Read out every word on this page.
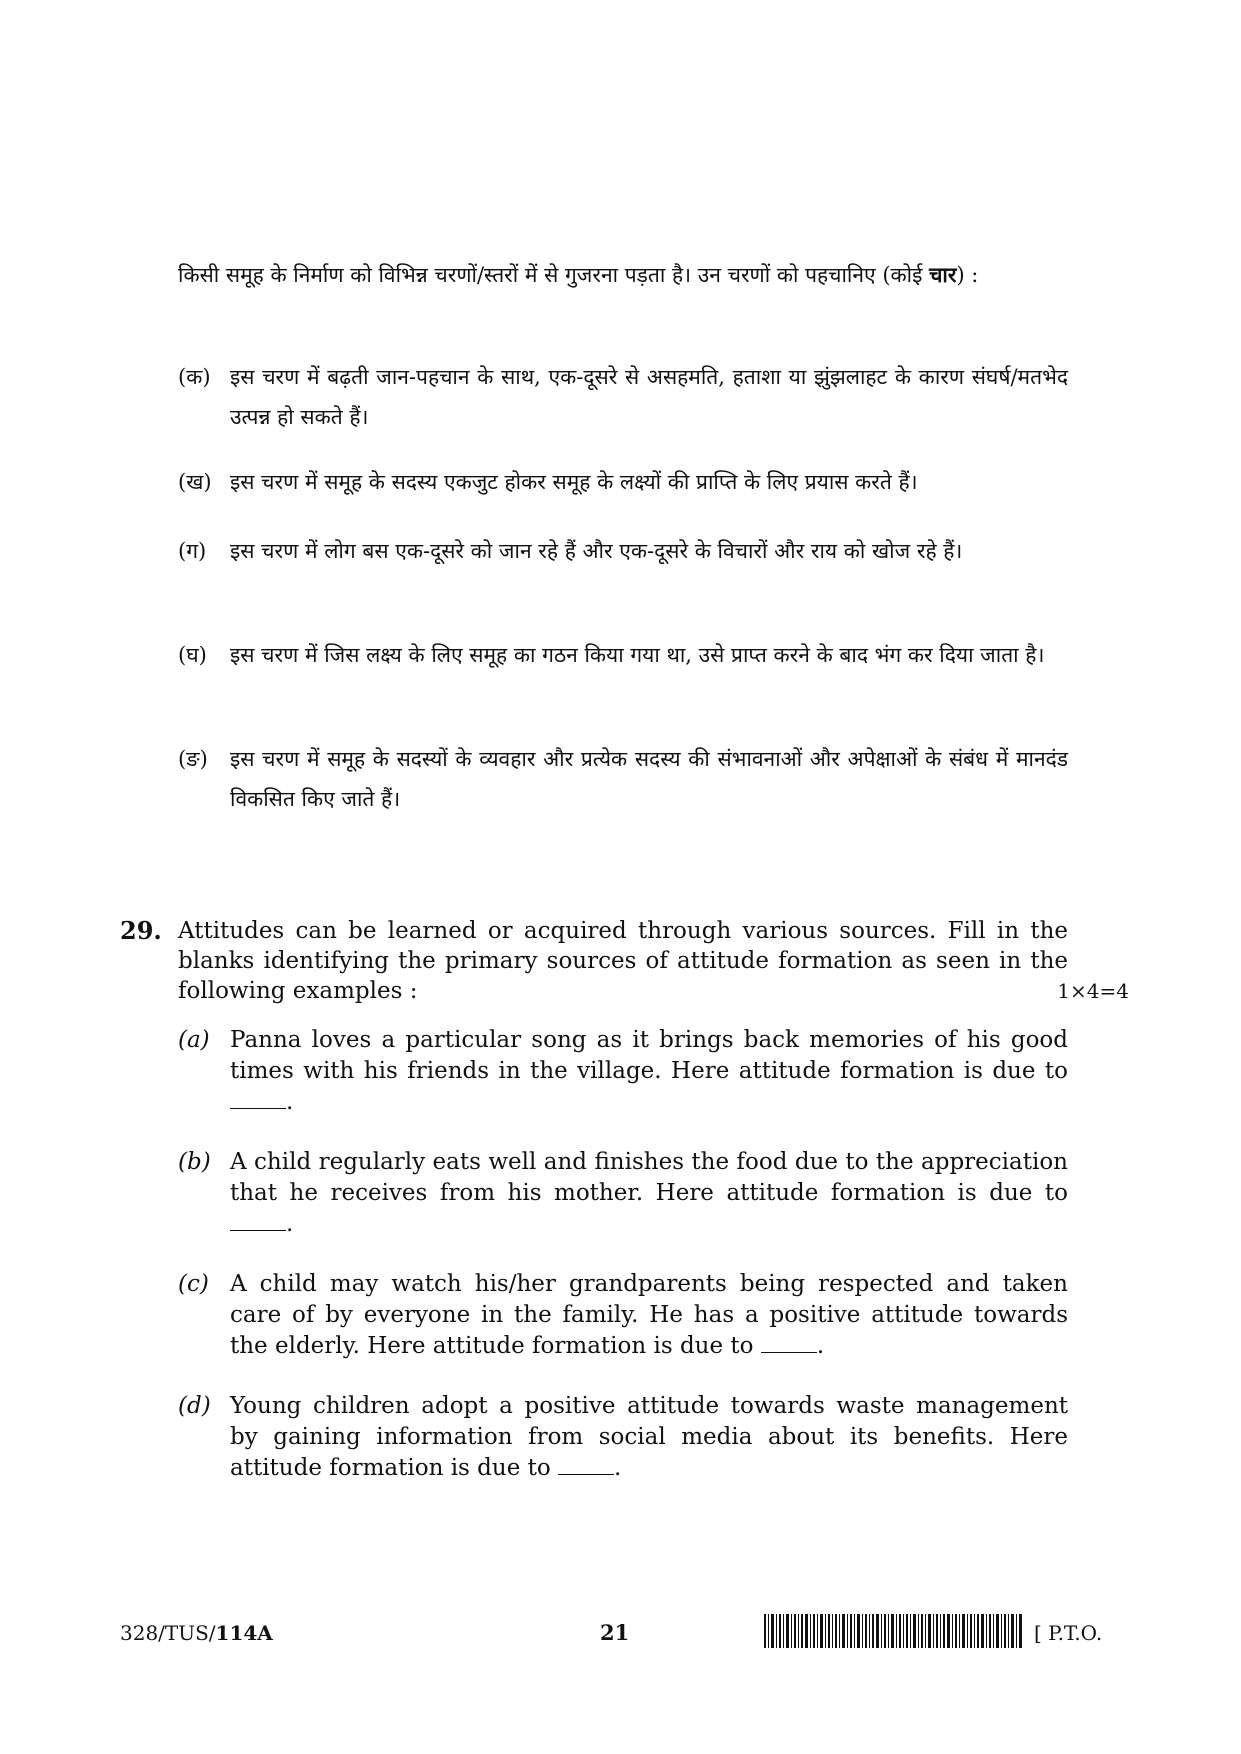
किसी समूह के निर्माण को विभिन्न चरणों/स्तरों में से गुजरना पड़ता है। उन चरणों को पहचानिए (कोई चार) :
(क) इस चरण में बढ़ती जान-पहचान के साथ, एक-दूसरे से असहमति, हताशा या झुंझलाहट के कारण संघर्ष/मतभेद उत्पन्न हो सकते हैं।
(ख) इस चरण में समूह के सदस्य एकजुट होकर समूह के लक्ष्यों की प्राप्ति के लिए प्रयास करते हैं।
(ग) इस चरण में लोग बस एक-दूसरे को जान रहे हैं और एक-दूसरे के विचारों और राय को खोज रहे हैं।
(घ) इस चरण में जिस लक्ष्य के लिए समूह का गठन किया गया था, उसे प्राप्त करने के बाद भंग कर दिया जाता है।
(ङ) इस चरण में समूह के सदस्यों के व्यवहार और प्रत्येक सदस्य की संभावनाओं और अपेक्षाओं के संबंध में मानदंड विकसित किए जाते हैं।
29. Attitudes can be learned or acquired through various sources. Fill in the blanks identifying the primary sources of attitude formation as seen in the following examples :	1×4=4
(a) Panna loves a particular song as it brings back memories of his good times with his friends in the village. Here attitude formation is due to .
(b) A child regularly eats well and finishes the food due to the appreciation that he receives from his mother. Here attitude formation is due to .
(c) A child may watch his/her grandparents being respected and taken care of by everyone in the family. He has a positive attitude towards the elderly. Here attitude formation is due to	.
(d) Young children adopt a positive attitude towards waste management by gaining information from social media about its benefits. Here attitude formation is due to	.
328/TUS/114A	21	[ P.T.O.
